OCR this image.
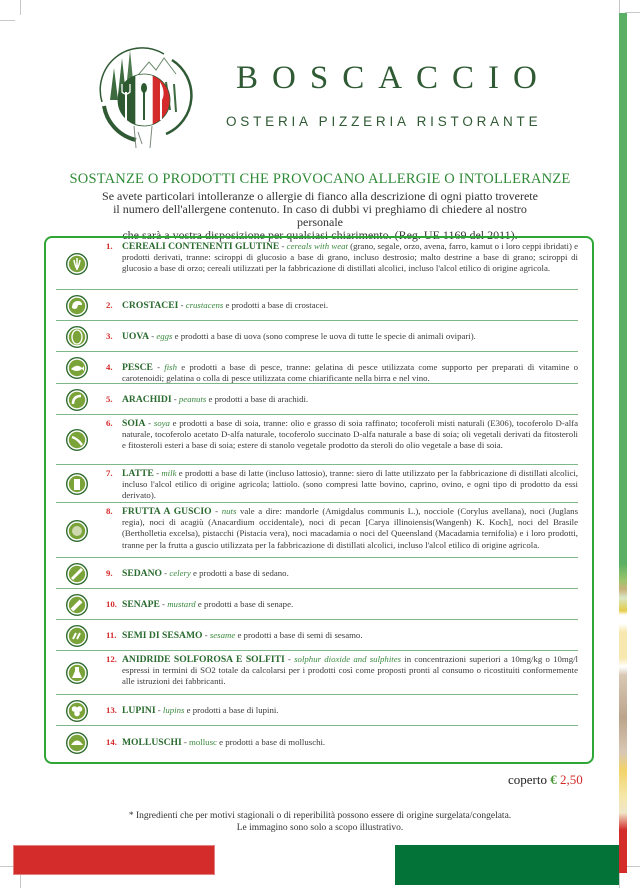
BOSCACCIO
OSTERIA PIZZERIA RISTORANTE
SOSTANZE O PRODOTTI CHE PROVOCANO ALLERGIE O INTOLLERANZE
Se avete particolari intolleranze o allergie di fianco alla descrizione di ogni piatto troverete
il numero dell'allergene contenuto. In caso di dubbi vi preghiamo di chiedere al nostro personale
che sarà a vostra disposizione per qualsiasi chiarimento. (Reg. UE 1169 del 2011).
1. CEREALI CONTENENTI GLUTINE - cereals with weat (grano, segale, orzo, avena, farro, kamut o i loro ceppi ibridati) e prodotti derivati, tranne: sciroppi di glucosio a base di grano, incluso destrosio; malto destrine a base di grano; sciroppi di glucosio a base di orzo; cereali utilizzati per la fabbricazione di distillati alcolici, incluso l'alcol etilico di origine agricola.
2. CROSTACEI - crustacens e prodotti a base di crostacei.
3. UOVA - eggs e prodotti a base di uova (sono comprese le uova di tutte le specie di animali ovipari).
4. PESCE - fish e prodotti a base di pesce, tranne: gelatina di pesce utilizzata come supporto per preparati di vitamine o carotenoidi; gelatina o colla di pesce utilizzata come chiarificante nella birra e nel vino.
5. ARACHIDI - peanuts e prodotti a base di arachidi.
6. SOIA - soya e prodotti a base di soia, tranne: olio e grasso di soia raffinato; tocoferoli misti naturali (E306), tocoferolo D-alfa naturale, tocoferolo acetato D-alfa naturale, tocoferolo succinato D-alfa naturale a base di soia; oli vegetali derivati da fitosteroli e fitosteroli esteri a base di soia; estere di stanolo vegetale prodotto da steroli do olio vegetale a base di soia.
7. LATTE - milk e prodotti a base di latte (incluso lattosio), tranne: siero di latte utilizzato per la fabbricazione di distillati alcolici, incluso l'alcol etilico di origine agricola; lattiolo. (sono compresi latte bovino, caprino, ovino, e ogni tipo di prodotto da essi derivato).
8. FRUTTA A GUSCIO - nuts vale a dire: mandorle (Amigdalus communis L.), nocciole (Corylus avellana), noci (Juglans regia), noci di acagiù (Anacardium occidentale), noci di pecan [Carya illinoiensis(Wangenh) K. Koch], noci del Brasile (Bertholletia excelsa), pistacchi (Pistacia vera), noci macadamia o noci del Queensland (Macadamia ternifolia) e i loro prodotti, tranne per la frutta a guscio utilizzata per la fabbricazione di distillati alcolici, incluso l'alcol etilico di origine agricola.
9. SEDANO - celery e prodotti a base di sedano.
10. SENAPE - mustard e prodotti a base di senape.
11. SEMI DI SESAMO - sesame e prodotti a base di semi di sesamo.
12. ANIDRIDE SOLFOROSA E SOLFITI - solphur dioxide and sulphites in concentrazioni superiori a 10mg/kg o 10mg/l espressi in termini di SO2 totale da calcolarsi per i prodotti così come proposti pronti al consumo o ricostituiti conformemente alle istruzioni dei fabbricanti.
13. LUPINI - lupins e prodotti a base di lupini.
14. MOLLUSCHI - mollusc e prodotti a base di molluschi.
coperto € 2,50
* Ingredienti che per motivi stagionali o di reperibilità possono essere di origine surgelata/congelata.
Le immagino sono solo a scopo illustrativo.
